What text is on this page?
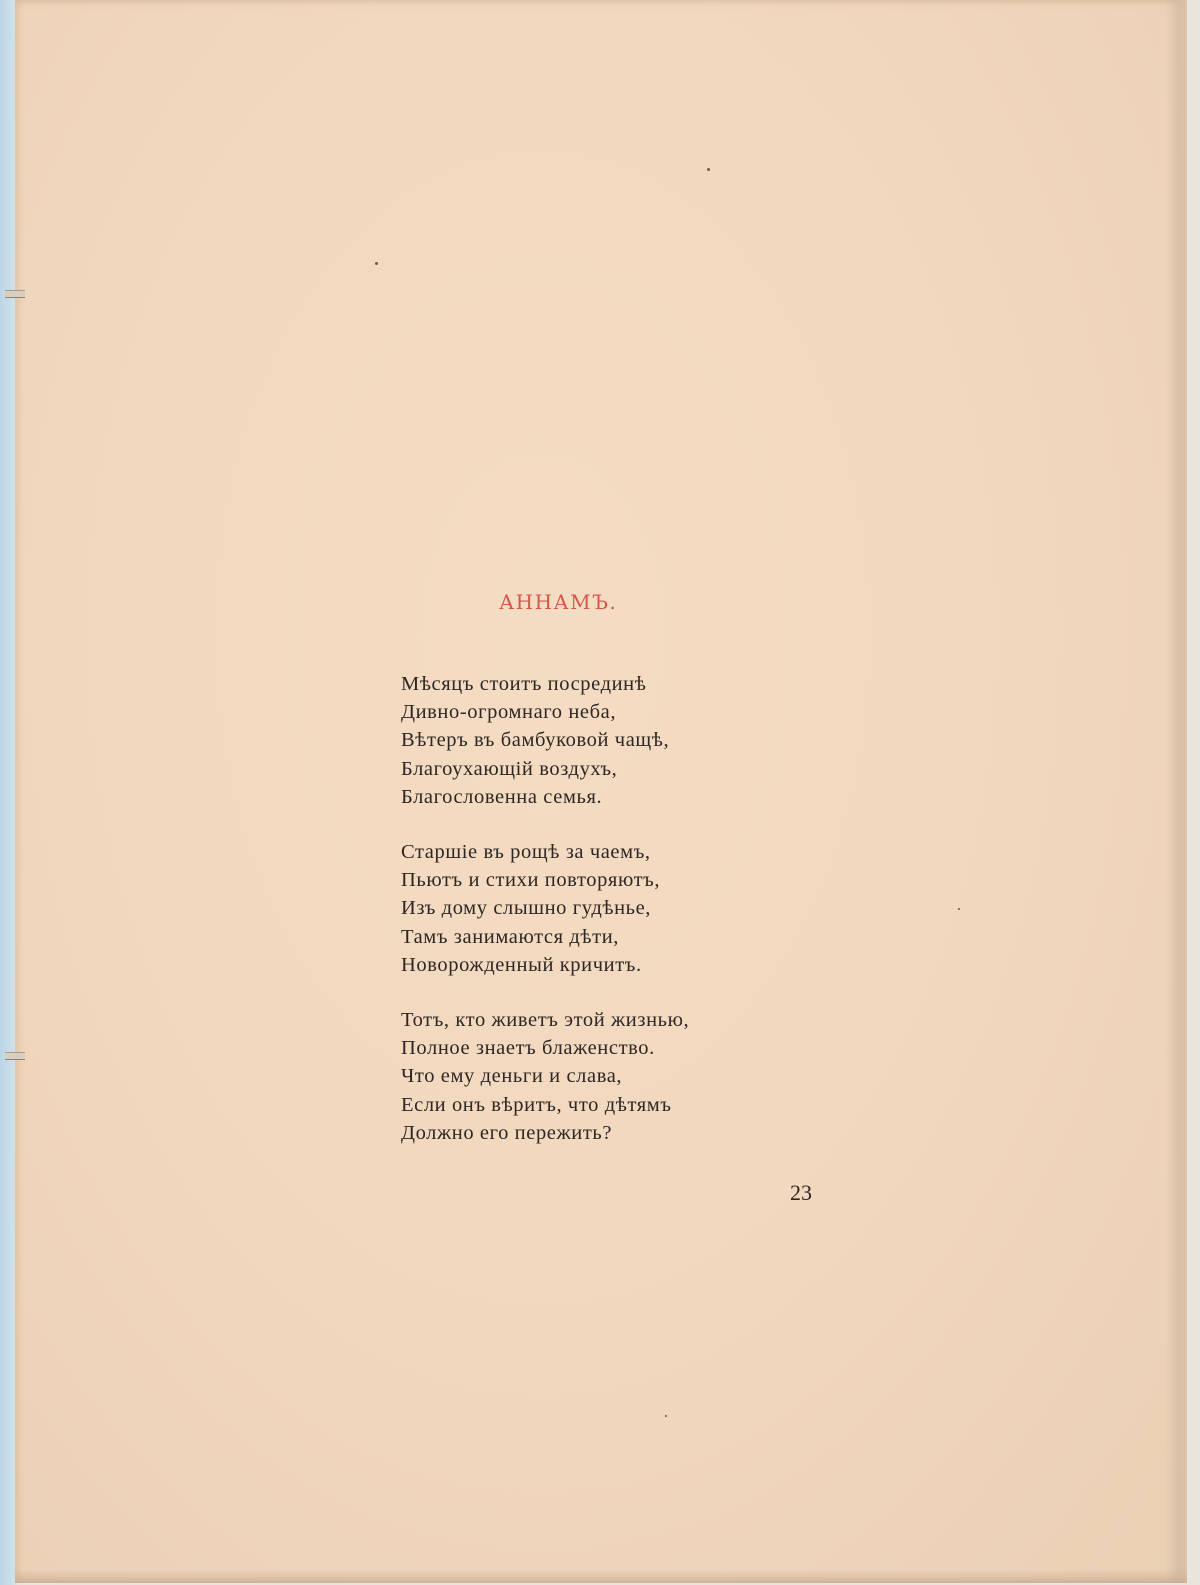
АННАМЪ.
Мѣсяцъ стоитъ посрединѣ
Дивно-огромнаго неба,
Вѣтеръ въ бамбуковой чащѣ,
Благоухающій воздухъ,
Благословенна семья.
Старшіе въ рощѣ за чаемъ,
Пьютъ и стихи повторяютъ,
Изъ дому слышно гудѣнье,
Тамъ занимаются дѣти,
Новорожденный кричитъ.
Тотъ, кто живетъ этой жизнью,
Полное знаетъ блаженство.
Что ему деньги и слава,
Если онъ вѣритъ, что дѣтямъ
Должно его пережить?
23
